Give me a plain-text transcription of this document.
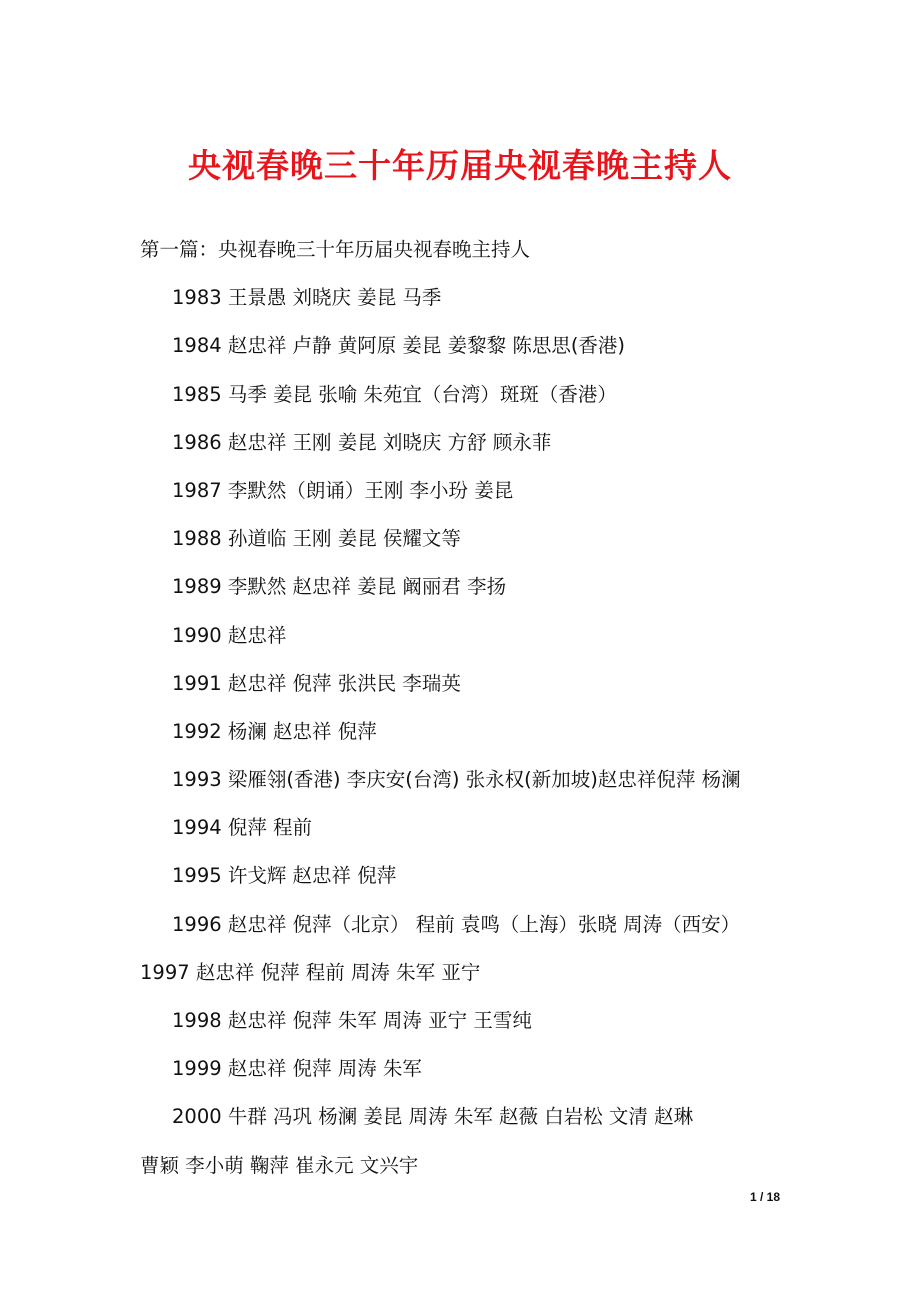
央视春晚三十年历届央视春晚主持人
第一篇：央视春晚三十年历届央视春晚主持人
1983 王景愚 刘晓庆 姜昆 马季
1984 赵忠祥 卢静 黄阿原 姜昆 姜黎黎 陈思思(香港)
1985 马季 姜昆 张喻 朱苑宜（台湾）斑斑（香港）
1986 赵忠祥 王刚 姜昆 刘晓庆 方舒 顾永菲
1987 李默然（朗诵）王刚 李小玢 姜昆
1988 孙道临 王刚 姜昆 侯耀文等
1989 李默然 赵忠祥 姜昆 阚丽君 李扬
1990 赵忠祥
1991 赵忠祥 倪萍 张洪民 李瑞英
1992 杨澜 赵忠祥 倪萍
1993 梁雁翎(香港) 李庆安(台湾) 张永权(新加坡)赵忠祥倪萍 杨澜
1994 倪萍 程前
1995 许戈辉 赵忠祥 倪萍
1996 赵忠祥 倪萍（北京） 程前 袁鸣（上海）张晓 周涛（西安）
1997 赵忠祥 倪萍 程前 周涛 朱军 亚宁
1998 赵忠祥 倪萍 朱军 周涛 亚宁 王雪纯
1999 赵忠祥 倪萍 周涛 朱军
2000 牛群 冯巩 杨澜 姜昆 周涛 朱军 赵薇 白岩松 文清 赵琳
曹颖 李小萌 鞠萍 崔永元 文兴宇
1 / 18
